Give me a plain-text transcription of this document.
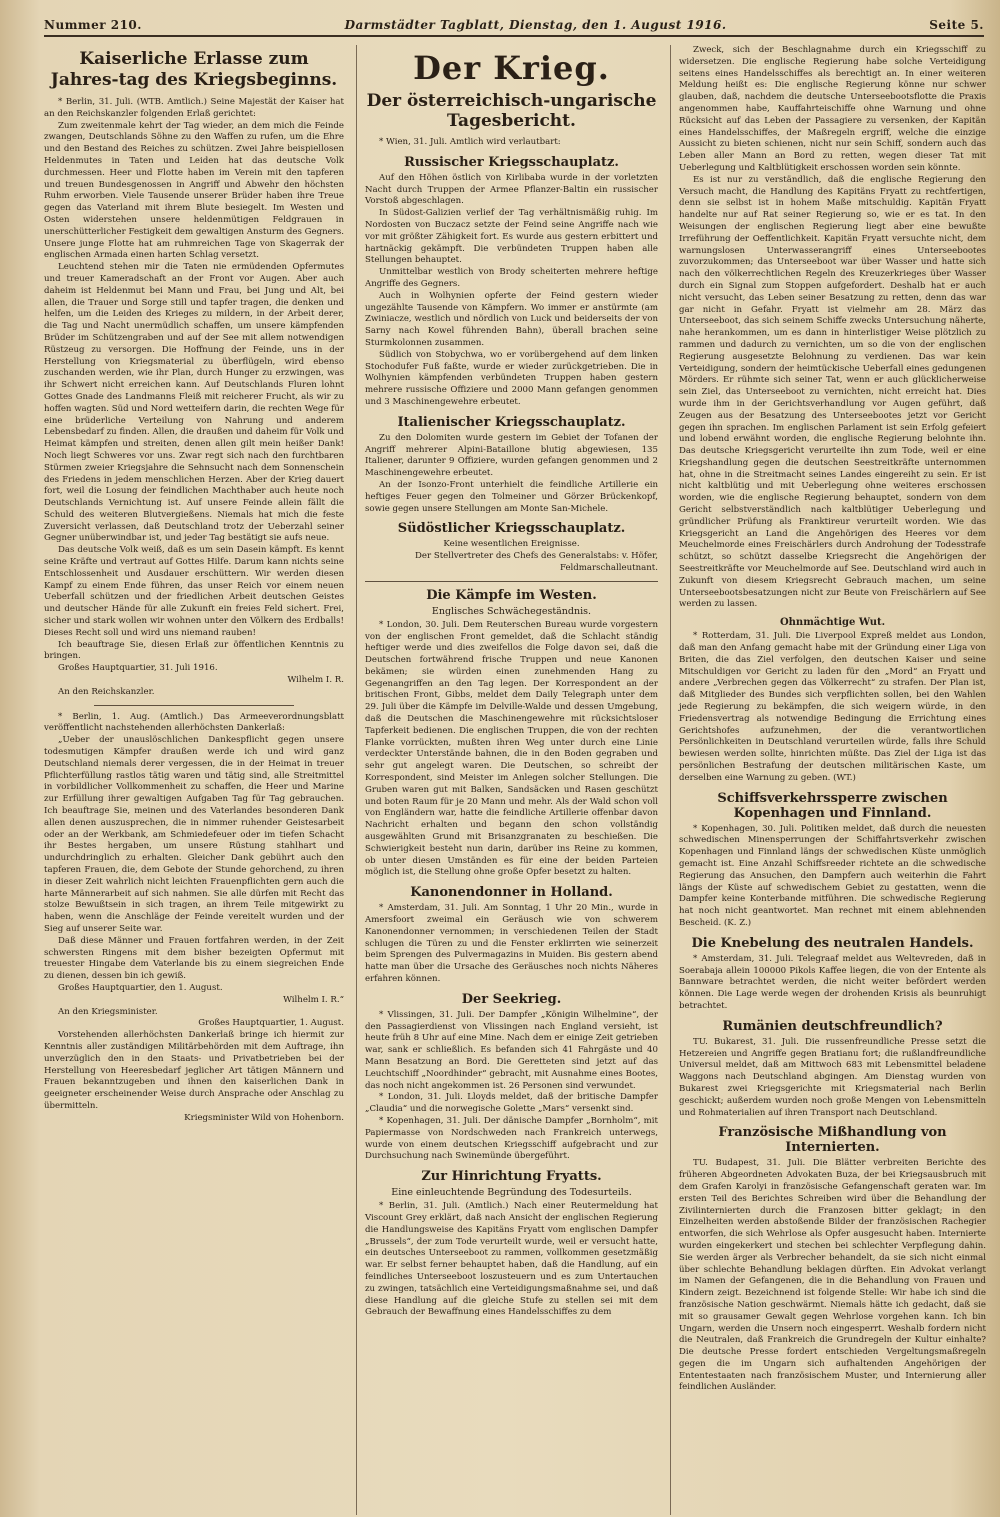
Nummer 210.	Darmstädter Tagblatt, Dienstag, den 1. August 1916.	Seite 5.
Kaiserliche Erlasse zum Jahres-tag des Kriegsbeginns.

* Berlin, 31. Juli. (WTB. Amtlich.) Seine Majestät der Kaiser hat an den Reichskanzler folgenden Erlaß gerichtet:

Zum zweitenmale kehrt der Tag wieder, an dem mich die Feinde zwangen, Deutschlands Söhne zu den Waffen zu rufen, um die Ehre und den Bestand des Reiches zu schützen. Zwei Jahre beispiellosen Heldenmutes in Taten und Leiden hat das deutsche Volk durchmessen. Heer und Flotte haben im Verein mit den tapferen und treuen Bundesgenossen in Angriff und Abwehr den höchsten Ruhm erworben. Viele Tausende unserer Brüder haben ihre Treue gegen das Vaterland mit ihrem Blute besiegelt. Im Westen und Osten widerstehen unsere heldenmütigen Feldgrauen in unerschütterlicher Festigkeit dem gewaltigen Ansturm des Gegners. Unsere junge Flotte hat am ruhmreichen Tage von Skagerrak der englischen Armada einen harten Schlag versetzt.

Leuchtend stehen mir die Taten nie ermüdenden Opfermutes und treuer Kameradschaft an der Front vor Augen. Aber auch daheim ist Heldenmut bei Mann und Frau, bei Jung und Alt, bei allen, die Trauer und Sorge still und tapfer tragen, die denken und helfen, um die Leiden des Krieges zu mildern, in der Arbeit derer, die Tag und Nacht unermüdlich schaffen, um unsere kämpfenden Brüder im Schützengraben und auf der See mit allem notwendigen Rüstzeug zu versorgen. Die Hoffnung der Feinde, uns in der Herstellung von Kriegsmaterial zu überflügeln, wird ebenso zuschanden werden, wie ihr Plan, durch Hunger zu erzwingen, was ihr Schwert nicht erreichen kann. Auf Deutschlands Fluren lohnt Gottes Gnade des Landmanns Fleiß mit reicherer Frucht, als wir zu hoffen wagten. Süd und Nord wetteifern darin, die rechten Wege für eine brüderliche Verteilung von Nahrung und anderem Lebensbedarf zu finden. Allen, die draußen und daheim für Volk und Heimat kämpfen und streiten, denen allen gilt mein heißer Dank! Noch liegt Schweres vor uns. Zwar regt sich nach den furchtbaren Stürmen zweier Kriegsjahre die Sehnsucht nach dem Sonnenschein des Friedens in jedem menschlichen Herzen. Aber der Krieg dauert fort, weil die Losung der feindlichen Machthaber auch heute noch Deutschlands Vernichtung ist. Auf unsere Feinde allein fällt die Schuld des weiteren Blutvergießens. Niemals hat mich die feste Zuversicht verlassen, daß Deutschland trotz der Ueberzahl seiner Gegner unüberwindbar ist, und jeder Tag bestätigt sie aufs neue.

Das deutsche Volk weiß, daß es um sein Dasein kämpft. Es kennt seine Kräfte und vertraut auf Gottes Hilfe. Darum kann nichts seine Entschlossenheit und Ausdauer erschüttern. Wir werden diesen Kampf zu einem Ende führen, das unser Reich vor einem neuen Ueberfall schützen und der friedlichen Arbeit deutschen Geistes und deutscher Hände für alle Zukunft ein freies Feld sichert. Frei, sicher und stark wollen wir wohnen unter den Völkern des Erdballs! Dieses Recht soll und wird uns niemand rauben!

Ich beauftrage Sie, diesen Erlaß zur öffentlichen Kenntnis zu bringen.

Großes Hauptquartier, 31. Juli 1916.

Wilhelm I. R.

An den Reichskanzler.

* Berlin, 1. Aug. (Amtlich.) Das Armeeverordnungsblatt veröffentlicht nachstehenden allerhöchsten Dankerlaß:

„Ueber der unauslöschlichen Dankespflicht gegen unsere todesmutigen Kämpfer draußen werde ich und wird ganz Deutschland niemals derer vergessen, die in der Heimat in treuer Pflichterfüllung rastlos tätig waren und tätig sind, alle Streitmittel in vorbildlicher Vollkommenheit zu schaffen, die Heer und Marine zur Erfüllung ihrer gewaltigen Aufgaben Tag für Tag gebrauchen. Ich beauftrage Sie, meinen und des Vaterlandes besonderen Dank allen denen auszusprechen, die in nimmer ruhender Geistesarbeit oder an der Werkbank, am Schmiedefeuer oder im tiefen Schacht ihr Bestes hergaben, um unsere Rüstung stahlhart und undurchdringlich zu erhalten. Gleicher Dank gebührt auch den tapferen Frauen, die, dem Gebote der Stunde gehorchend, zu ihren in dieser Zeit wahrlich nicht leichten Frauenpflichten gern auch die harte Männerarbeit auf sich nahmen. Sie alle dürfen mit Recht das stolze Bewußtsein in sich tragen, an ihrem Teile mitgewirkt zu haben, wenn die Anschläge der Feinde vereitelt wurden und der Sieg auf unserer Seite war.

Daß diese Männer und Frauen fortfahren werden, in der Zeit schwersten Ringens mit dem bisher bezeigten Opfermut mit treuester Hingabe dem Vaterlande bis zu einem siegreichen Ende zu dienen, dessen bin ich gewiß.

Großes Hauptquartier, den 1. August.

Wilhelm I. R.“

An den Kriegsminister.

Großes Hauptquartier, 1. August.

Vorstehenden allerhöchsten Dankerlaß bringe ich hiermit zur Kenntnis aller zuständigen Militärbehörden mit dem Auftrage, ihn unverzüglich den in den Staats- und Privatbetrieben bei der Herstellung von Heeresbedarf jeglicher Art tätigen Männern und Frauen bekanntzugeben und ihnen den kaiserlichen Dank in geeigneter erscheinender Weise durch Ansprache oder Anschlag zu übermitteln.

Kriegsminister Wild von Hohenborn.

Der Krieg.
Der österreichisch-ungarische Tagesbericht.

* Wien, 31. Juli. Amtlich wird verlautbart:

Russischer Kriegsschauplatz.

Auf den Höhen östlich von Kirlibaba wurde in der vorletzten Nacht durch Truppen der Armee Pflanzer-Baltin ein russischer Vorstoß abgeschlagen.

In Südost-Galizien verlief der Tag verhältnismäßig ruhig. Im Nordosten von Buczacz setzte der Feind seine Angriffe nach wie vor mit größter Zähigkeit fort. Es wurde aus gestern erbittert und hartnäckig gekämpft. Die verbündeten Truppen haben alle Stellungen behauptet.

Unmittelbar westlich von Brody scheiterten mehrere heftige Angriffe des Gegners.

Auch in Wolhynien opferte der Feind gestern wieder ungezählte Tausende von Kämpfern. Wo immer er anstürmte (am Zwiniacze, westlich und nördlich von Luck und beiderseits der von Sarny nach Kowel führenden Bahn), überall brachen seine Sturmkolonnen zusammen.

Südlich von Stobychwa, wo er vorübergehend auf dem linken Stochodufer Fuß faßte, wurde er wieder zurückgetrieben. Die in Wolhynien kämpfenden verbündeten Truppen haben gestern mehrere russische Offiziere und 2000 Mann gefangen genommen und 3 Maschinengewehre erbeutet.

Italienischer Kriegsschauplatz.

Zu den Dolomiten wurde gestern im Gebiet der Tofanen der Angriff mehrerer Alpini-Bataillone blutig abgewiesen, 135 Italiener, darunter 9 Offiziere, wurden gefangen genommen und 2 Maschinengewehre erbeutet.

An der Isonzo-Front unterhielt die feindliche Artillerie ein heftiges Feuer gegen den Tolmeiner und Görzer Brückenkopf, sowie gegen unsere Stellungen am Monte San-Michele.

Südöstlicher Kriegsschauplatz.

Keine wesentlichen Ereignisse.

Der Stellvertreter des Chefs des Generalstabs: v. Höfer, Feldmarschalleutnant.

Die Kämpfe im Westen.
Englisches Schwächegeständnis.

* London, 30. Juli. Dem Reuterschen Bureau wurde vorgestern von der englischen Front gemeldet, daß die Schlacht ständig heftiger werde und dies zweifellos die Folge davon sei, daß die Deutschen fortwährend frische Truppen und neue Kanonen bekämen; sie würden einen zunehmenden Hang zu Gegenangriffen an den Tag legen. Der Korrespondent an der britischen Front, Gibbs, meldet dem Daily Telegraph unter dem 29. Juli über die Kämpfe im Delville-Walde und dessen Umgebung, daß die Deutschen die Maschinengewehre mit rücksichtsloser Tapferkeit bedienen. Die englischen Truppen, die von der rechten Flanke vorrückten, mußten ihren Weg unter durch eine Linie verdeckter Unterstände bahnen, die in den Boden gegraben und sehr gut angelegt waren. Die Deutschen, so schreibt der Korrespondent, sind Meister im Anlegen solcher Stellungen. Die Gruben waren gut mit Balken, Sandsäcken und Rasen geschützt und boten Raum für je 20 Mann und mehr. Als der Wald schon voll von Engländern war, hatte die feindliche Artillerie offenbar davon Nachricht erhalten und begann den schon vollständig ausgewählten Grund mit Brisanzgranaten zu beschießen. Die Schwierigkeit besteht nun darin, darüber ins Reine zu kommen, ob unter diesen Umständen es für eine der beiden Parteien möglich ist, die Stellung ohne große Opfer besetzt zu halten.

Kanonendonner in Holland.

* Amsterdam, 31. Juli. Am Sonntag, 1 Uhr 20 Min., wurde in Amersfoort zweimal ein Geräusch wie von schwerem Kanonendonner vernommen; in verschiedenen Teilen der Stadt schlugen die Türen zu und die Fenster erklirrten wie seinerzeit beim Sprengen des Pulvermagazins in Muiden. Bis gestern abend hatte man über die Ursache des Geräusches noch nichts Näheres erfahren können.

Der Seekrieg.

* Vlissingen, 31. Juli. Der Dampfer „Königin Wilhelmine“, der den Passagierdienst von Vlissingen nach England versieht, ist heute früh 8 Uhr auf eine Mine. Nach dem er einige Zeit getrieben war, sank er schließlich. Es befanden sich 41 Fahrgäste und 40 Mann Besatzung an Bord. Die Geretteten sind jetzt auf das Leuchtschiff „Noordhinder“ gebracht, mit Ausnahme eines Bootes, das noch nicht angekommen ist. 26 Personen sind verwundet.

* London, 31. Juli. Lloyds meldet, daß der britische Dampfer „Claudia“ und die norwegische Golette „Mars“ versenkt sind.

* Kopenhagen, 31. Juli. Der dänische Dampfer „Bornholm“, mit Papiermasse von Nordschweden nach Frankreich unterwegs, wurde von einem deutschen Kriegsschiff aufgebracht und zur Durchsuchung nach Swinemünde übergeführt.

Zur Hinrichtung Fryatts.
Eine einleuchtende Begründung des Todesurteils.

* Berlin, 31. Juli. (Amtlich.) Nach einer Reutermeldung hat Viscount Grey erklärt, daß nach Ansicht der englischen Regierung die Handlungsweise des Kapitäns Fryatt vom englischen Dampfer „Brussels“, der zum Tode verurteilt wurde, weil er versucht hatte, ein deutsches Unterseeboot zu rammen, vollkommen gesetzmäßig war. Er selbst ferner behauptet haben, daß die Handlung, auf ein feindliches Unterseeboot loszusteuern und es zum Untertauchen zu zwingen, tatsächlich eine Verteidigungsmaßnahme sei, und daß diese Handlung auf die gleiche Stufe zu stellen sei mit dem Gebrauch der Bewaffnung eines Handelsschiffes zu dem

Zweck, sich der Beschlagnahme durch ein Kriegsschiff zu widersetzen. Die englische Regierung habe solche Verteidigung seitens eines Handelsschiffes als berechtigt an. In einer weiteren Meldung heißt es: Die englische Regierung könne nur schwer glauben, daß, nachdem die deutsche Unterseebootsflotte die Praxis angenommen habe, Kauffahrteischiffe ohne Warnung und ohne Rücksicht auf das Leben der Passagiere zu versenken, der Kapitän eines Handelsschiffes, der Maßregeln ergriff, welche die einzige Aussicht zu bieten schienen, nicht nur sein Schiff, sondern auch das Leben aller Mann an Bord zu retten, wegen dieser Tat mit Ueberlegung und Kaltblütigkeit erschossen worden sein könnte.

Es ist nur zu verständlich, daß die englische Regierung den Versuch macht, die Handlung des Kapitäns Fryatt zu rechtfertigen, denn sie selbst ist in hohem Maße mitschuldig. Kapitän Fryatt handelte nur auf Rat seiner Regierung so, wie er es tat. In den Weisungen der englischen Regierung liegt aber eine bewußte Irreführung der Oeffentlichkeit. Kapitän Fryatt versuchte nicht, dem warnungslosen Unterwasserangriff eines Unterseebootes zuvorzukommen; das Unterseeboot war über Wasser und hatte sich nach den völkerrechtlichen Regeln des Kreuzerkrieges über Wasser durch ein Signal zum Stoppen aufgefordert. Deshalb hat er auch nicht versucht, das Leben seiner Besatzung zu retten, denn das war gar nicht in Gefahr. Fryatt ist vielmehr am 28. März das Unterseeboot, das sich seinem Schiffe zwecks Untersuchung näherte, nahe herankommen, um es dann in hinterlistiger Weise plötzlich zu rammen und dadurch zu vernichten, um so die von der englischen Regierung ausgesetzte Belohnung zu verdienen. Das war kein Verteidigung, sondern der heimtückische Ueberfall eines gedungenen Mörders. Er rühmte sich seiner Tat, wenn er auch glücklicherweise sein Ziel, das Unterseeboot zu vernichten, nicht erreicht hat. Dies wurde ihm in der Gerichtsverhandlung vor Augen geführt, daß Zeugen aus der Besatzung des Unterseebootes jetzt vor Gericht gegen ihn sprachen. Im englischen Parlament ist sein Erfolg gefeiert und lobend erwähnt worden, die englische Regierung belohnte ihn. Das deutsche Kriegsgericht verurteilte ihn zum Tode, weil er eine Kriegshandlung gegen die deutschen Seestreitkräfte unternommen hat, ohne in die Streitmacht seines Landes eingereiht zu sein. Er ist nicht kaltblütig und mit Ueberlegung ohne weiteres erschossen worden, wie die englische Regierung behauptet, sondern von dem Gericht selbstverständlich nach kaltblütiger Ueberlegung und gründlicher Prüfung als Franktireur verurteilt worden. Wie das Kriegsgericht an Land die Angehörigen des Heeres vor dem Meuchelmorde eines Freischärlers durch Androhung der Todesstrafe schützt, so schützt dasselbe Kriegsrecht die Angehörigen der Seestreitkräfte vor Meuchelmorde auf See. Deutschland wird auch in Zukunft von diesem Kriegsrecht Gebrauch machen, um seine Unterseebootsbesatzungen nicht zur Beute von Freischärlern auf See werden zu lassen.

Ohnmächtige Wut.

* Rotterdam, 31. Juli. Die Liverpool Expreß meldet aus London, daß man den Anfang gemacht habe mit der Gründung einer Liga von Briten, die das Ziel verfolgen, den deutschen Kaiser und seine Mitschuldigen vor Gericht zu laden für den „Mord“ an Fryatt und andere „Verbrechen gegen das Völkerrecht“ zu strafen. Der Plan ist, daß Mitglieder des Bundes sich verpflichten sollen, bei den Wahlen jede Regierung zu bekämpfen, die sich weigern würde, in den Friedensvertrag als notwendige Bedingung die Errichtung eines Gerichtshofes aufzunehmen, der die verantwortlichen Persönlichkeiten in Deutschland verurteilen würde, falls ihre Schuld bewiesen werden sollte, hinrichten müßte. Das Ziel der Liga ist das persönlichen Bestrafung der deutschen militärischen Kaste, um derselben eine Warnung zu geben. (WT.)

Schiffsverkehrssperre zwischen Kopenhagen und Finnland.

* Kopenhagen, 30. Juli. Politiken meldet, daß durch die neuesten schwedischen Minensperrungen der Schiffahrtsverkehr zwischen Kopenhagen und Finnland längs der schwedischen Küste unmöglich gemacht ist. Eine Anzahl Schiffsreeder richtete an die schwedische Regierung das Ansuchen, den Dampfern auch weiterhin die Fahrt längs der Küste auf schwedischem Gebiet zu gestatten, wenn die Dampfer keine Konterbande mitführen. Die schwedische Regierung hat noch nicht geantwortet. Man rechnet mit einem ablehnenden Bescheid. (K. Z.)

Die Knebelung des neutralen Handels.

* Amsterdam, 31. Juli. Telegraaf meldet aus Weltevreden, daß in Soerabaja allein 100000 Pikols Kaffee liegen, die von der Entente als Bannware betrachtet werden, die nicht weiter befördert werden können. Die Lage werde wegen der drohenden Krisis als beunruhigt betrachtet.

Rumänien deutschfreundlich?

TU. Bukarest, 31. Juli. Die russenfreundliche Presse setzt die Hetzereien und Angriffe gegen Bratianu fort; die rußlandfreundliche Universul meldet, daß am Mittwoch 683 mit Lebensmittel beladene Waggons nach Deutschland abgingen. Am Dienstag wurden von Bukarest zwei Kriegsgerichte mit Kriegsmaterial nach Berlin geschickt; außerdem wurden noch große Mengen von Lebensmitteln und Rohmaterialien auf ihren Transport nach Deutschland.

Französische Mißhandlung von Internierten.

TU. Budapest, 31. Juli. Die Blätter verbreiten Berichte des früheren Abgeordneten Advokaten Buza, der bei Kriegsausbruch mit dem Grafen Karolyi in französische Gefangenschaft geraten war. Im ersten Teil des Berichtes Schreiben wird über die Behandlung der Zivilinternierten durch die Franzosen bitter geklagt; in den Einzelheiten werden abstoßende Bilder der französischen Rachegier entworfen, die sich Wehrlose als Opfer ausgesucht haben. Internierte wurden eingekerkert und stechen bei schlechter Verpflegung dahin. Sie werden ärger als Verbrecher behandelt, da sie sich nicht einmal über schlechte Behandlung beklagen dürften. Ein Advokat verlangt im Namen der Gefangenen, die in die Behandlung von Frauen und Kindern zeigt. Bezeichnend ist folgende Stelle: Wir habe ich sind die französische Nation geschwärmt. Niemals hätte ich gedacht, daß sie mit so grausamer Gewalt gegen Wehrlose vorgehen kann. Ich bin Ungarn, werden die Unsern noch eingesperrt. Weshalb fordern nicht die Neutralen, daß Frankreich die Grundregeln der Kultur einhalte? Die deutsche Presse fordert entschieden Vergeltungsmaßregeln gegen die im Ungarn sich aufhaltenden Angehörigen der Ententestaaten nach französischem Muster, und Internierung aller feindlichen Ausländer.
